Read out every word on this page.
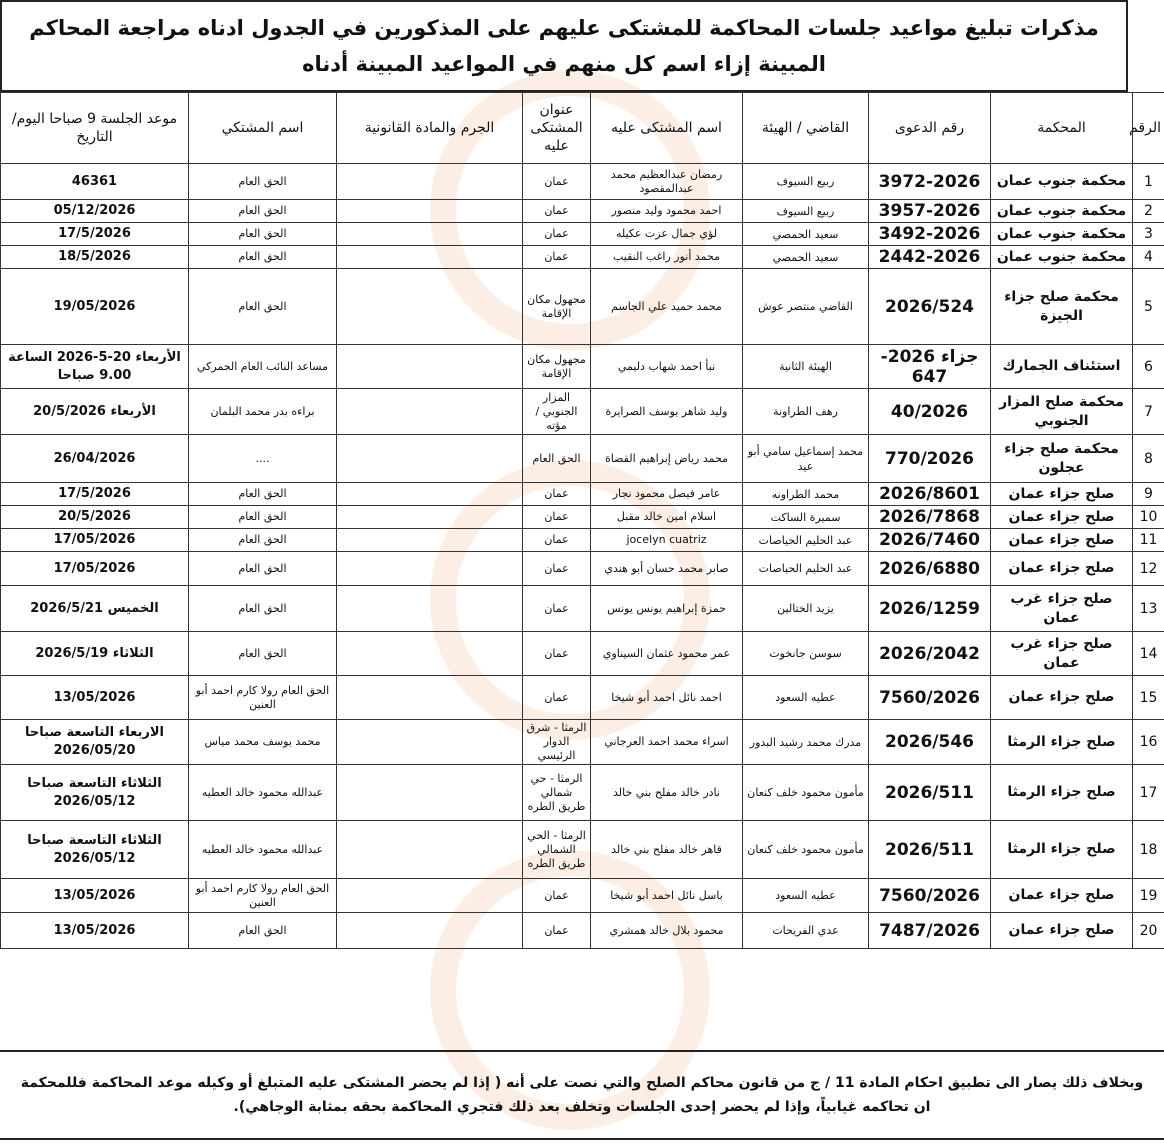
مذكرات تبليغ مواعيد جلسات المحاكمة للمشتكى عليهم على المذكورين في الجدول ادناه مراجعة المحاكم المبينة إزاء اسم كل منهم في المواعيد المبينة أدناه
الرقم	المحكمة	رقم الدعوى	القاضي / الهيئة	اسم المشتكى عليه	عنوان المشتكى عليه	الجرم والمادة القانونية	اسم المشتكي	موعد الجلسة 9 صباحا اليوم/التاريخ
1	محكمة جنوب عمان	3972-2026	ربيع السيوف	رمضان عبدالعظيم محمد عبدالمقصود	عمان		الحق العام	46361
2	محكمة جنوب عمان	3957-2026	ربيع السيوف	احمد محمود وليد منصور	عمان		الحق العام	05/12/2026
3	محكمة جنوب عمان	3492-2026	سعيد الحمصي	لؤي جمال عزت عكيله	عمان		الحق العام	17/5/2026
4	محكمة جنوب عمان	2442-2026	سعيد الحمصي	محمد أنور راغب النقيب	عمان		الحق العام	18/5/2026
5	محكمة صلح جزاء الجيزة	2026/524	القاضي منتصر عوش	محمد حميد علي الجاسم	مجهول مكان الإقامة		الحق العام	19/05/2026
6	استئناف الجمارك	جزاء 2026-647	الهيئة الثانية	نبأ احمد شهاب دليمي	مجهول مكان الإقامة		مساعد النائب العام الجمركي	الأربعاء 20-5-2026 الساعة 9.00 صباحا
7	محكمة صلح المزار الجنوبي	40/2026	رهف الطراونة	وليد شاهر يوسف الصرايرة	المزار الجنوبي / مؤته		براءه بدر محمد البلمان	الأربعاء 20/5/2026
8	محكمة صلح جزاء عجلون	770/2026	محمد إسماعيل سامي أبو عيد	محمد رياض إبراهيم القضاة	الحق العام		....	26/04/2026
9	صلح جزاء عمان	2026/8601	محمد الطراونه	عامر فيصل محمود نجار	عمان		الحق العام	17/5/2026
10	صلح جزاء عمان	2026/7868	سميرة الساكت	اسلام امين خالد مقبل	عمان		الحق العام	20/5/2026
11	صلح جزاء عمان	2026/7460	عبد الحليم الحياصات	jocelyn cuatriz	عمان		الحق العام	17/05/2026
12	صلح جزاء عمان	2026/6880	عبد الحليم الحياصات	صابر محمد حسان أبو هندي	عمان		الحق العام	17/05/2026
13	صلح جزاء غرب عمان	2026/1259	يزيد الختالين	حمزة إبراهيم يونس يونس	عمان		الحق العام	الخميس 2026/5/21
14	صلح جزاء غرب عمان	2026/2042	سوسن جانخوت	عمر محمود عثمان السيناوي	عمان		الحق العام	الثلاثاء 2026/5/19
15	صلح جزاء عمان	7560/2026	عطيه السعود	احمد نائل احمد أبو شيخا	عمان		الحق العام رولا كارم احمد أبو العنين	13/05/2026
16	صلح جزاء الرمثا	2026/546	مدرك محمد رشيد البدور	اسراء محمد احمد العرجاني	الرمثا - شرق الدوار الرئيسي		محمد يوسف محمد مياس	الاربعاء التاسعة صباحا 2026/05/20
17	صلح جزاء الرمثا	2026/511	مأمون محمود خلف كنعان	نادر خالد مفلح بني خالد	الرمثا - حي شمالي طريق الطره		عبدالله محمود خالد العطيه	الثلاثاء التاسعة صباحا 2026/05/12
18	صلح جزاء الرمثا	2026/511	مأمون محمود خلف كنعان	قاهر خالد مفلح بني خالد	الرمثا - الحي الشمالي طريق الطره		عبدالله محمود خالد العطيه	الثلاثاء التاسعة صباحا 2026/05/12
19	صلح جزاء عمان	7560/2026	عطيه السعود	باسل نائل احمد أبو شيخا	عمان		الحق العام رولا كارم احمد أبو العنين	13/05/2026
20	صلح جزاء عمان	7487/2026	عدي الفريحات	محمود بلال خالد همشري	عمان		الحق العام	13/05/2026
وبخلاف ذلك يصار الى تطبيق احكام المادة 11 / ج من قانون محاكم الصلح والتي نصت على أنه ( إذا لم يحضر المشتكى عليه المتبلغ أو وكيله موعد المحاكمة فللمحكمة ان تحاكمه غيابياً، وإذا لم يحضر إحدى الجلسات وتخلف بعد ذلك فتجري المحاكمة بحقه بمثابة الوجاهي).
